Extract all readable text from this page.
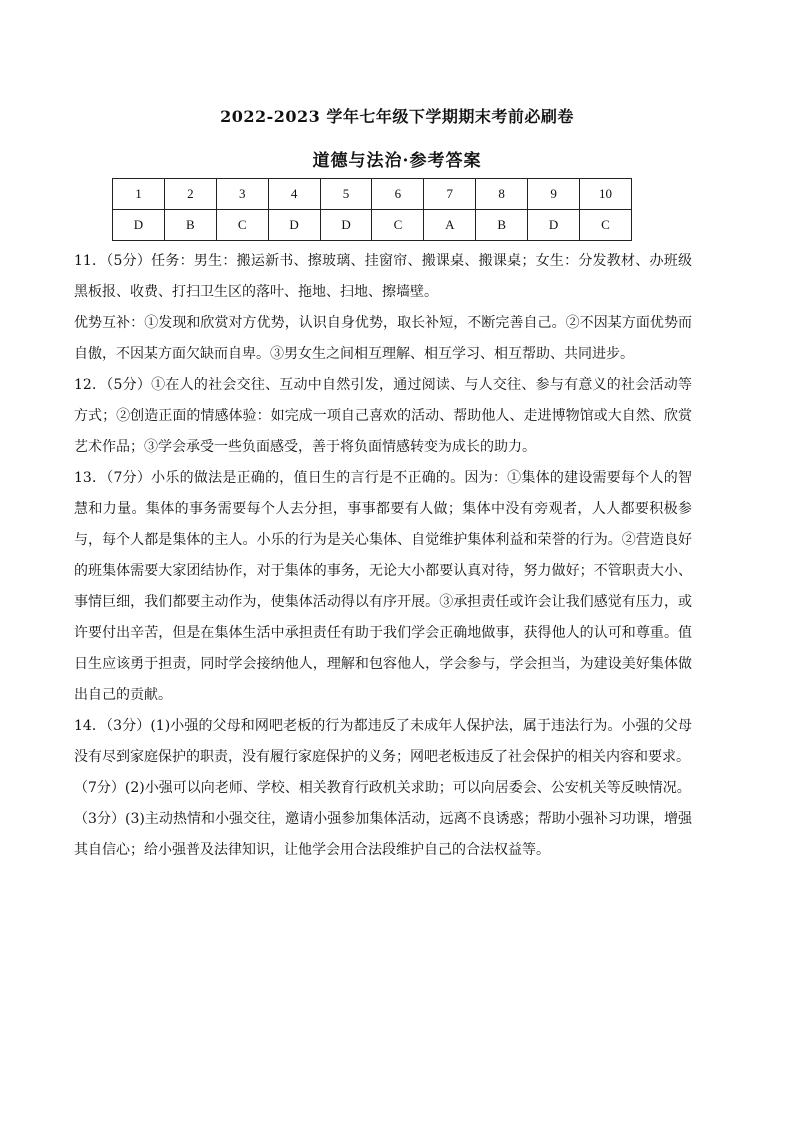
2022-2023 学年七年级下学期期末考前必刷卷
道德与法治·参考答案
1	2	3	4	5	6	7	8	9	10
D	B	C	D	D	C	A	B	D	C

11．（5分）任务：男生：搬运新书、擦玻璃、挂窗帘、搬课桌、搬课桌；女生：分发教材、办班级黑板报、收费、打扫卫生区的落叶、拖地、扫地、擦墙壁。

优势互补：①发现和欣赏对方优势，认识自身优势，取长补短，不断完善自己。②不因某方面优势而自傲，不因某方面欠缺而自卑。③男女生之间相互理解、相互学习、相互帮助、共同进步。

12．（5分）①在人的社会交往、互动中自然引发，通过阅读、与人交往、参与有意义的社会活动等方式；②创造正面的情感体验：如完成一项自己喜欢的活动、帮助他人、走进博物馆或大自然、欣赏艺术作品；③学会承受一些负面感受，善于将负面情感转变为成长的助力。

13．（7分）小乐的做法是正确的，值日生的言行是不正确的。因为：①集体的建设需要每个人的智慧和力量。集体的事务需要每个人去分担，事事都要有人做；集体中没有旁观者，人人都要积极参与，每个人都是集体的主人。小乐的行为是关心集体、自觉维护集体利益和荣誉的行为。②营造良好的班集体需要大家团结协作，对于集体的事务，无论大小都要认真对待，努力做好；不管职责大小、事情巨细，我们都要主动作为，使集体活动得以有序开展。③承担责任或许会让我们感觉有压力，或许要付出辛苦，但是在集体生活中承担责任有助于我们学会正确地做事，获得他人的认可和尊重。值日生应该勇于担责，同时学会接纳他人，理解和包容他人，学会参与，学会担当，为建设美好集体做出自己的贡献。

14．（3分）(1)小强的父母和网吧老板的行为都违反了未成年人保护法，属于违法行为。小强的父母没有尽到家庭保护的职责，没有履行家庭保护的义务；网吧老板违反了社会保护的相关内容和要求。

（7分）(2)小强可以向老师、学校、相关教育行政机关求助；可以向居委会、公安机关等反映情况。

（3分）(3)主动热情和小强交往，邀请小强参加集体活动，远离不良诱惑；帮助小强补习功课，增强其自信心；给小强普及法律知识，让他学会用合法段维护自己的合法权益等。
